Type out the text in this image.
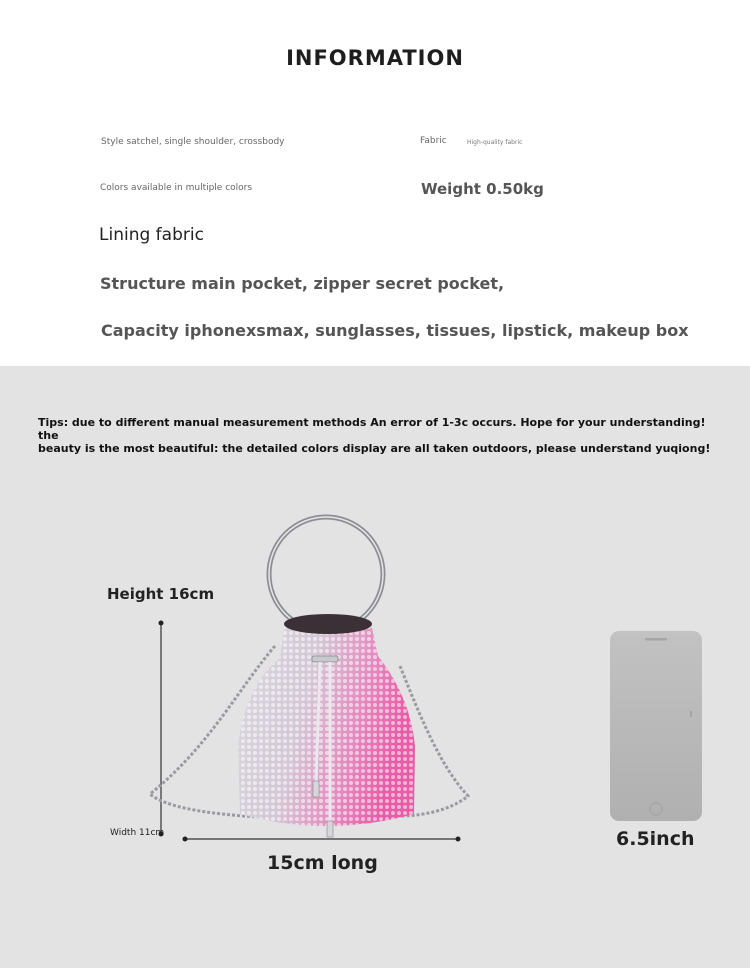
INFORMATION
Style satchel, single shoulder, crossbody	Fabric	High-quality fabric
Colors available in multiple colors	Weight 0.50kg
Lining fabric
Structure main pocket, zipper secret pocket,
Capacity iphonexsmax, sunglasses, tissues, lipstick, makeup box
Tips: due to different manual measurement methods An error of 1-3c occurs. Hope for your understanding! the
beauty is the most beautiful: the detailed colors display are all taken outdoors, please understand yuqiong!
Height 16cm
Width 11cm
15cm long
6.5inch
